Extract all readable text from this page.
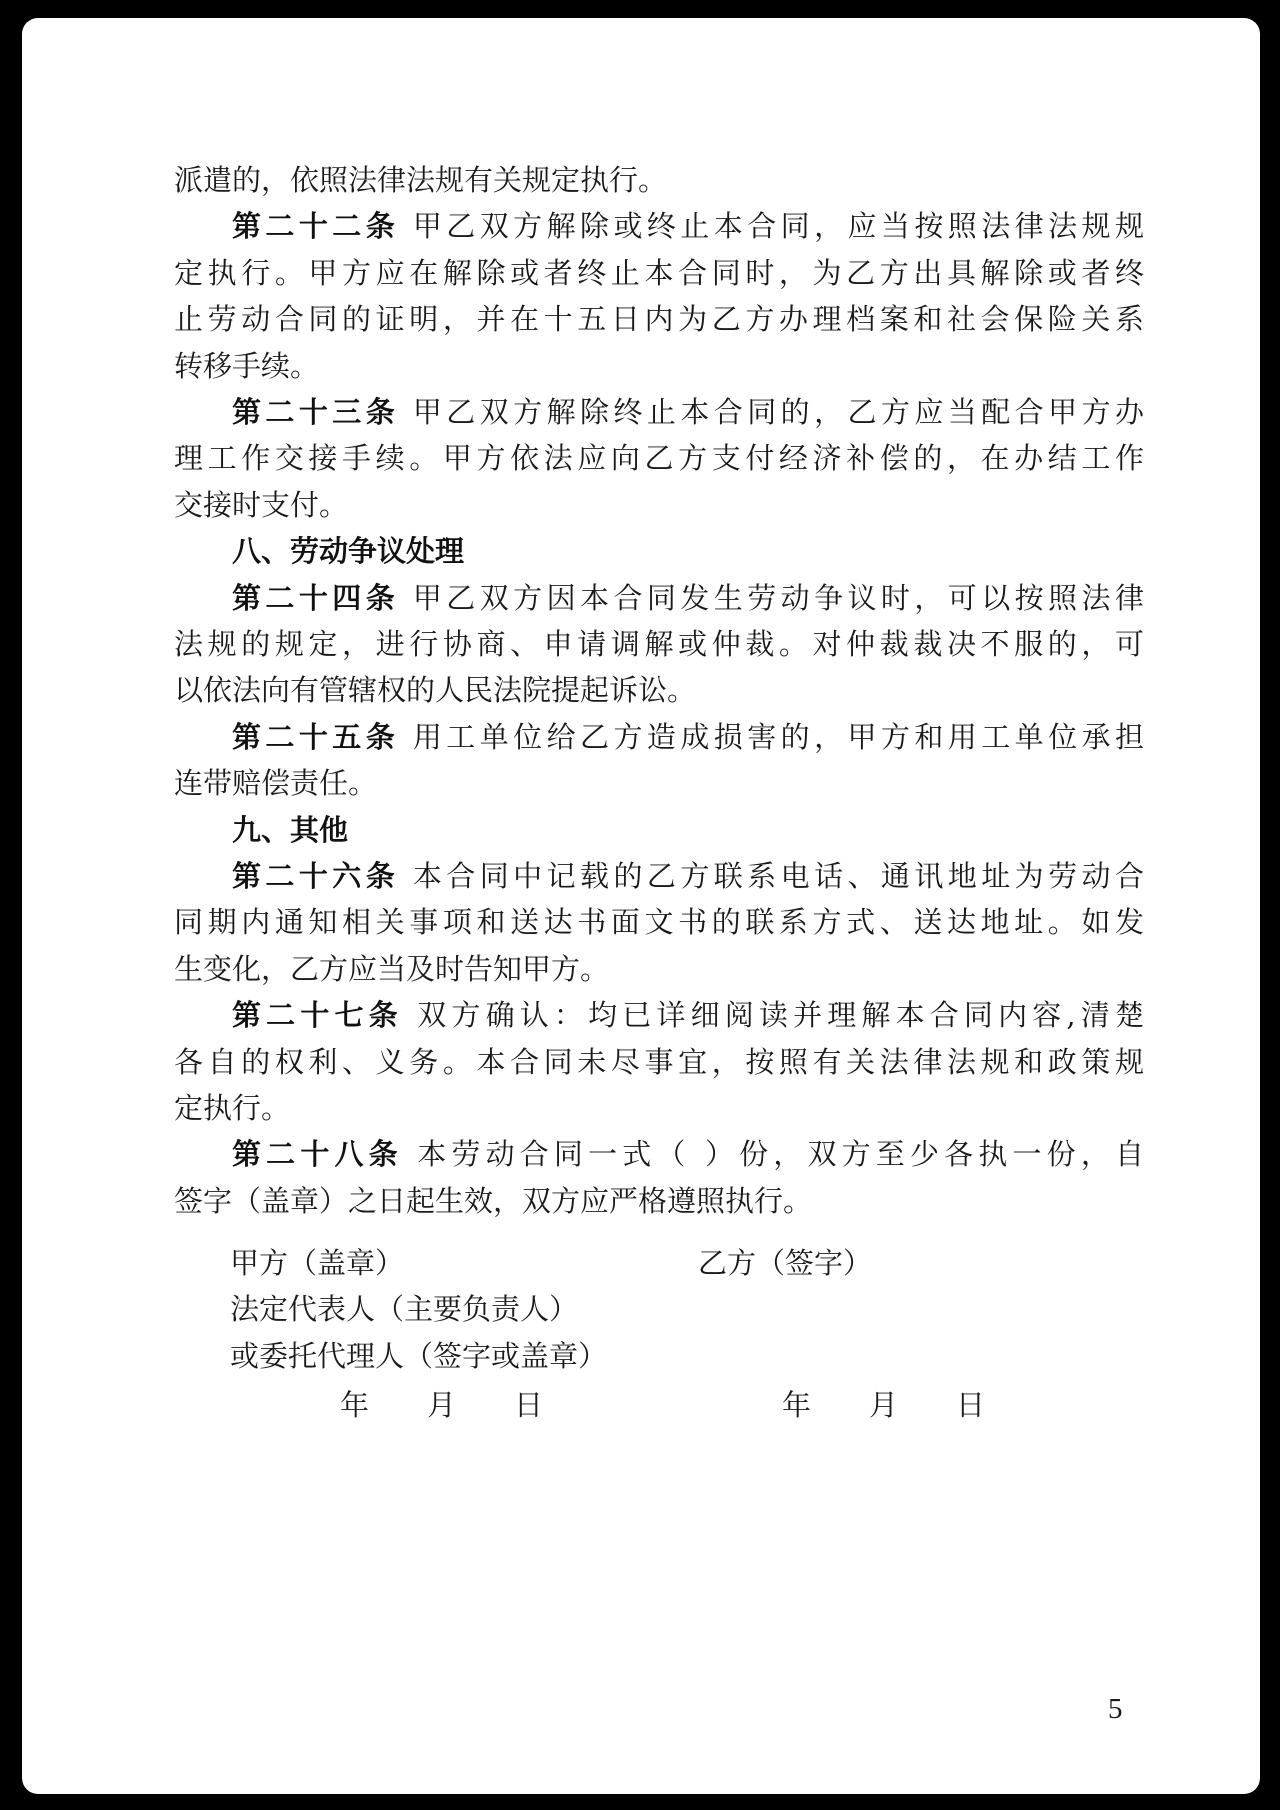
派遣的，依照法律法规有关规定执行。
第二十二条 甲乙双方解除或终止本合同，应当按照法律法规规
定执行。甲方应在解除或者终止本合同时，为乙方出具解除或者终
止劳动合同的证明，并在十五日内为乙方办理档案和社会保险关系
转移手续。
第二十三条 甲乙双方解除终止本合同的，乙方应当配合甲方办
理工作交接手续。甲方依法应向乙方支付经济补偿的，在办结工作
交接时支付。
八、劳动争议处理
第二十四条 甲乙双方因本合同发生劳动争议时，可以按照法律
法规的规定，进行协商、申请调解或仲裁。对仲裁裁决不服的，可
以依法向有管辖权的人民法院提起诉讼。
第二十五条 用工单位给乙方造成损害的，甲方和用工单位承担
连带赔偿责任。
九、其他
第二十六条 本合同中记载的乙方联系电话、通讯地址为劳动合
同期内通知相关事项和送达书面文书的联系方式、送达地址。如发
生变化，乙方应当及时告知甲方。
第二十七条 双方确认：均已详细阅读并理解本合同内容,清楚
各自的权利、义务。本合同未尽事宜，按照有关法律法规和政策规
定执行。
第二十八条 本劳动合同一式（ ）份，双方至少各执一份，自
签字（盖章）之日起生效，双方应严格遵照执行。
甲方（盖章）	乙方（签字）
法定代表人（主要负责人）
或委托代理人（签字或盖章）
年　　月　　日	年　　月　　日
5
